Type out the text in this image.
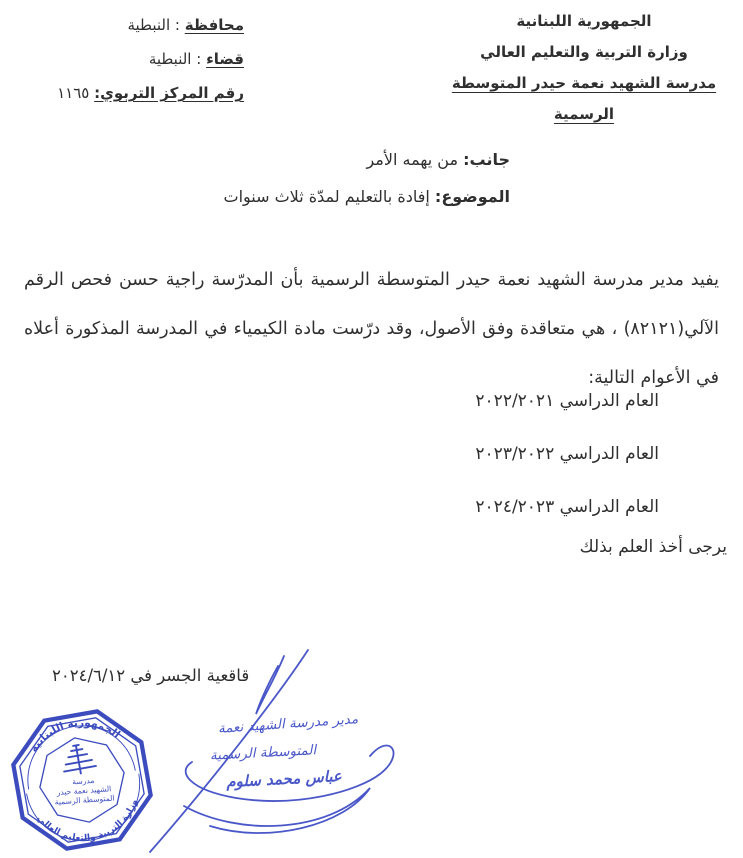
الجمهورية اللبنانية
وزارة التربية والتعليم العالي
مدرسة الشهيد نعمة حيدر المتوسطة الرسمية
محافظة : النبطية
قضاء : النبطية
رقم المركز التربوي: ١١٦٥
جانب: من يهمه الأمر
الموضوع: إفادة بالتعليم لمدّة ثلاث سنوات
يفيد مدير مدرسة الشهيد نعمة حيدر المتوسطة الرسمية بأن المدرّسة راجية حسن فحص الرقم الآلي(٨٢١٢١) ، هي متعاقدة وفق الأصول، وقد درّست مادة الكيمياء في المدرسة المذكورة أعلاه في الأعوام التالية:
العام الدراسي ٢٠٢٢/٢٠٢١
العام الدراسي ٢٠٢٣/٢٠٢٢
العام الدراسي ٢٠٢٤/٢٠٢٣
يرجى أخذ العلم بذلك
قاقعية الجسر في ٢٠٢٤/٦/١٢
الجمهورية اللبنانية
وزارة التربية والتعليم العالي
مدرسة
الشهيد نعمة حيدر
المتوسطة الرسمية
مدير مدرسة الشهيد نعمة
المتوسطة الرسمية
عباس محمد سلوم
